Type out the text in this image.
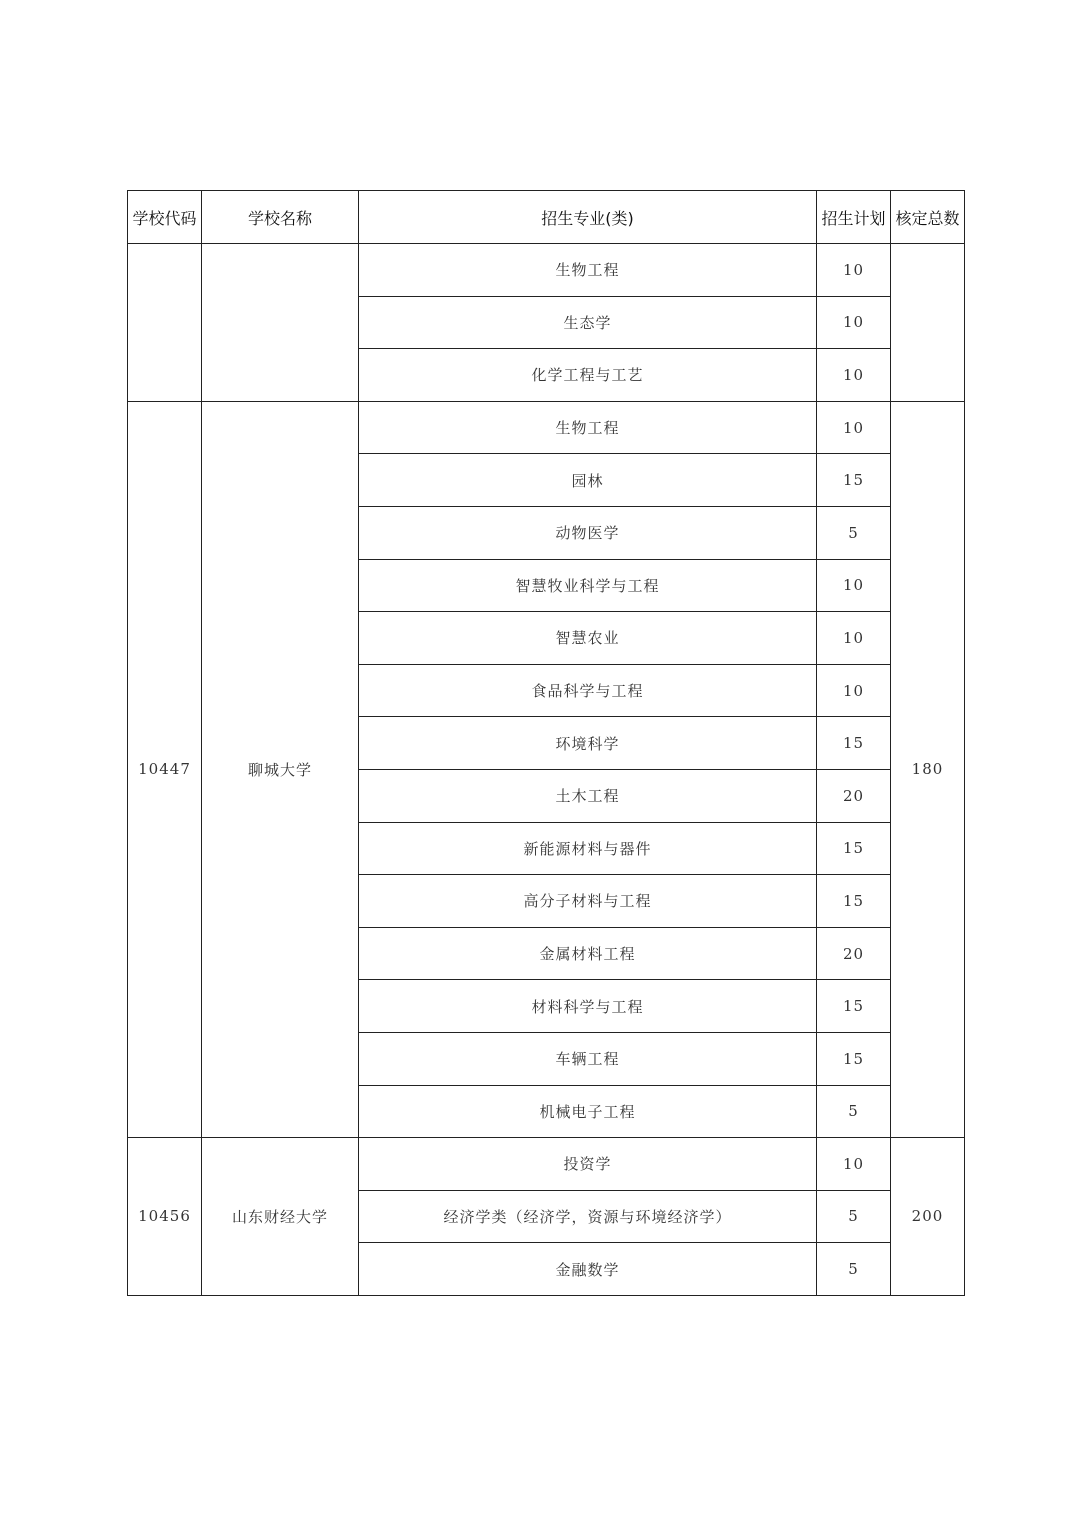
学校代码	学校名称	招生专业(类)	招生计划	核定总数
		生物工程	10	
		生态学	10	
		化学工程与工艺	10	
10447	聊城大学	生物工程	10	180
		园林	15	
		动物医学	5	
		智慧牧业科学与工程	10	
		智慧农业	10	
		食品科学与工程	10	
		环境科学	15	
		土木工程	20	
		新能源材料与器件	15	
		高分子材料与工程	15	
		金属材料工程	20	
		材料科学与工程	15	
		车辆工程	15	
		机械电子工程	5	
10456	山东财经大学	投资学	10	200
		经济学类（经济学，资源与环境经济学）	5	
		金融数学	5	
